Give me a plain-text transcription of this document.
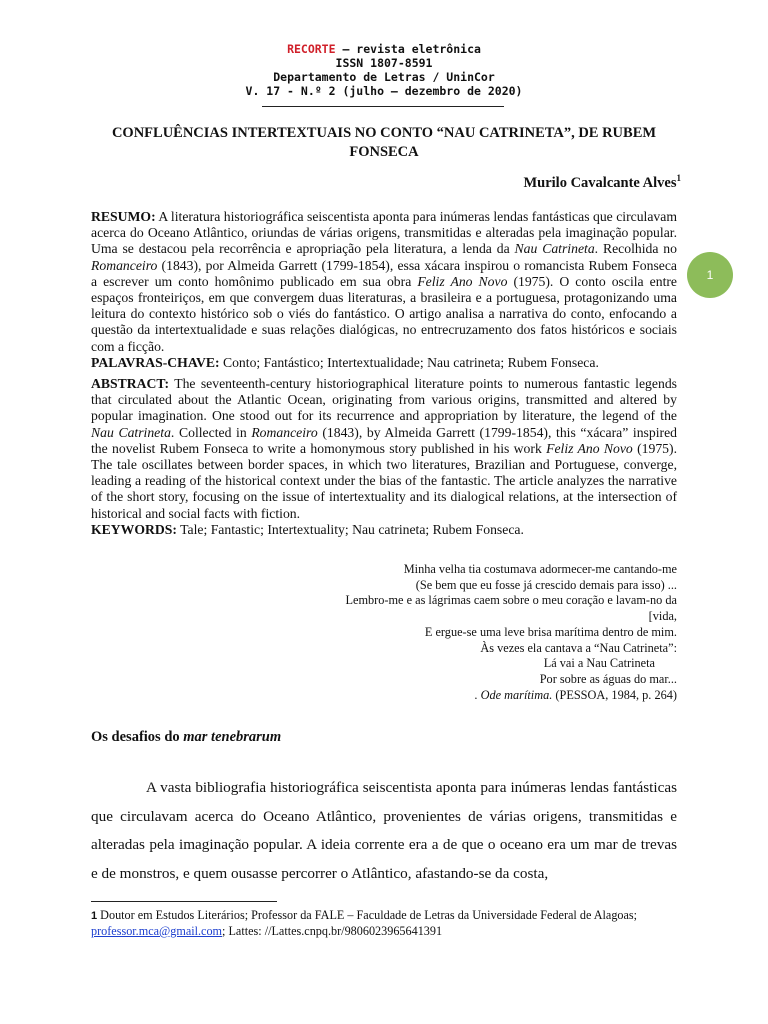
RECORTE – revista eletrônica
ISSN 1807-8591
Departamento de Letras / UninCor
V. 17 - N.º 2 (julho – dezembro de 2020)
CONFLUÊNCIAS INTERTEXTUAIS NO CONTO “NAU CATRINETA”, DE RUBEM FONSECA
Murilo Cavalcante Alves$^1$
1

RESUMO: A literatura historiográfica seiscentista aponta para inúmeras lendas fantásticas que circulavam acerca do Oceano Atlântico, oriundas de várias origens, transmitidas e alteradas pela imaginação popular. Uma se destacou pela recorrência e apropriação pela literatura, a lenda da Nau Catrineta. Recolhida no Romanceiro (1843), por Almeida Garrett (1799-1854), essa xácara inspirou o romancista Rubem Fonseca a escrever um conto homônimo publicado em sua obra Feliz Ano Novo (1975). O conto oscila entre espaços fronteiriços, em que convergem duas literaturas, a brasileira e a portuguesa, protagonizando uma leitura do contexto histórico sob o viés do fantástico. O artigo analisa a narrativa do conto, enfocando a questão da intertextualidade e suas relações dialógicas, no entrecruzamento dos fatos históricos e sociais com a ficção.

PALAVRAS-CHAVE: Conto; Fantástico; Intertextualidade; Nau catrineta; Rubem Fonseca.

ABSTRACT: The seventeenth-century historiographical literature points to numerous fantastic legends that circulated about the Atlantic Ocean, originating from various origins, transmitted and altered by popular imagination. One stood out for its recurrence and appropriation by literature, the legend of the Nau Catrineta. Collected in Romanceiro (1843), by Almeida Garrett (1799-1854), this “xácara” inspired the novelist Rubem Fonseca to write a homonymous story published in his work Feliz Ano Novo (1975). The tale oscillates between border spaces, in which two literatures, Brazilian and Portuguese, converge, leading a reading of the historical context under the bias of the fantastic. The article analyzes the narrative of the short story, focusing on the issue of intertextuality and its dialogical relations, at the intersection of historical and social facts with fiction.

KEYWORDS: Tale; Fantastic; Intertextuality; Nau catrineta; Rubem Fonseca.

Minha velha tia costumava adormecer-me cantando-me
(Se bem que eu fosse já crescido demais para isso) ...
Lembro-me e as lágrimas caem sobre o meu coração e lavam-no da
[vida,
E ergue-se uma leve brisa marítima dentro de mim.
Às vezes ela cantava a “Nau Catrineta”:
Lá vai a Nau Catrineta
Por sobre as águas do mar...
. Ode marítima. (PESSOA, 1984, p. 264)
Os desafios do mar tenebrarum
A vasta bibliografia historiográfica seiscentista aponta para inúmeras lendas fantásticas que circulavam acerca do Oceano Atlântico, provenientes de várias origens, transmitidas e alteradas pela imaginação popular. A ideia corrente era a de que o oceano era um mar de trevas e de monstros, e quem ousasse percorrer o Atlântico, afastando-se da costa,
1 Doutor em Estudos Literários; Professor da FALE – Faculdade de Letras da Universidade Federal de Alagoas;
professor.mca@gmail.com; Lattes: //Lattes.cnpq.br/9806023965641391
